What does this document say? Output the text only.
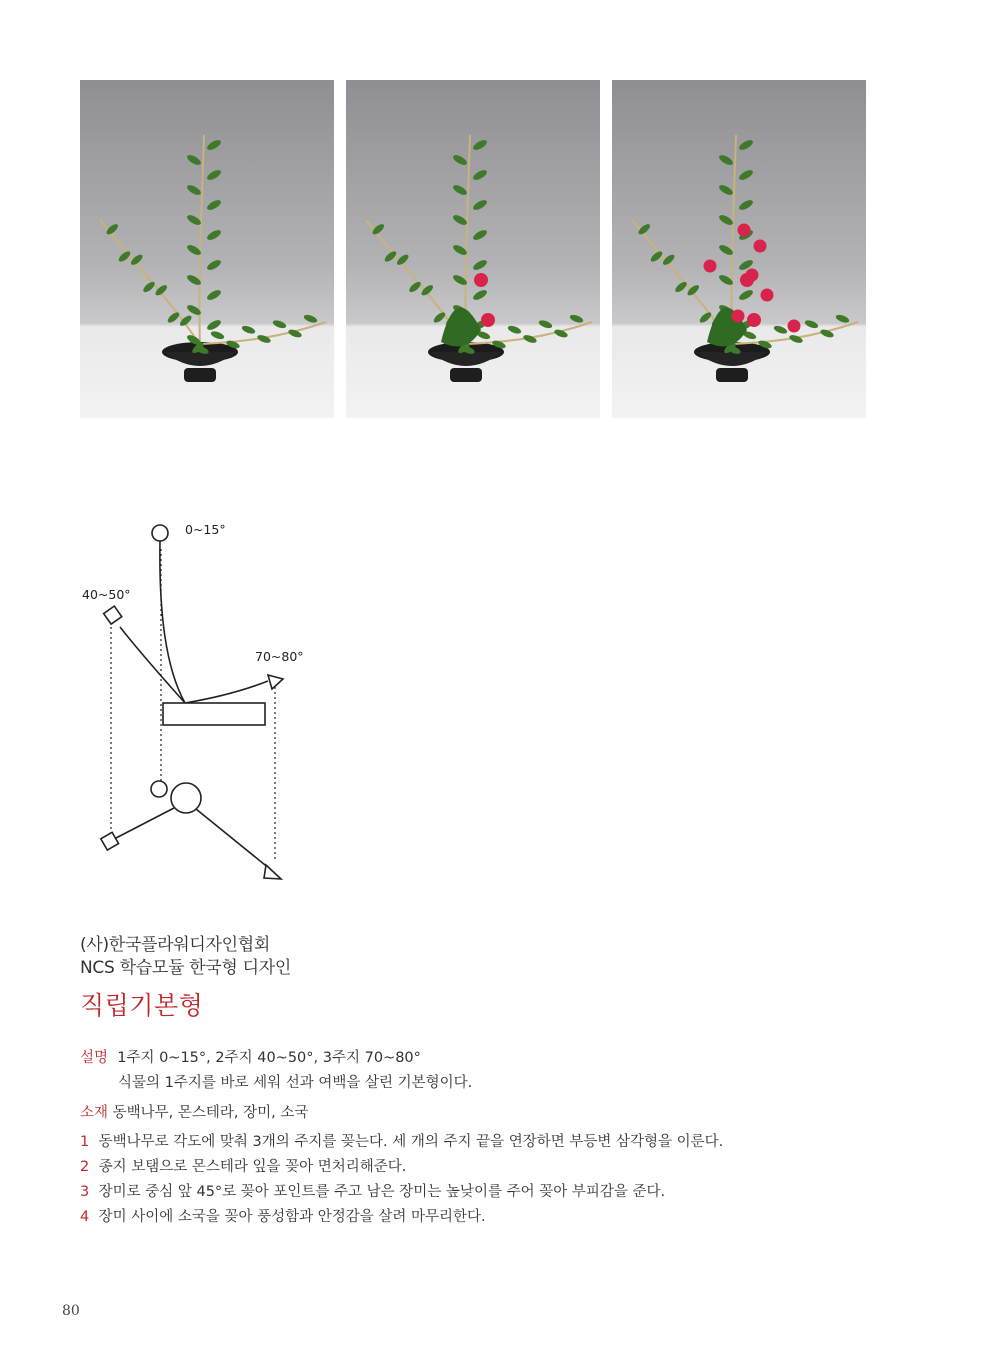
0~15°
40~50°
70~80°
(사)한국플라워디자인협회
NCS 학습모듈 한국형 디자인
직립기본형
설명 1주지 0~15°, 2주지 40~50°, 3주지 70~80°
식물의 1주지를 바로 세워 선과 여백을 살린 기본형이다.
소재 동백나무, 몬스테라, 장미, 소국
1 동백나무로 각도에 맞춰 3개의 주지를 꽂는다. 세 개의 주지 끝을 연장하면 부등변 삼각형을 이룬다.
2 종지 보탬으로 몬스테라 잎을 꽂아 면처리해준다.
3 장미로 중심 앞 45°로 꽂아 포인트를 주고 남은 장미는 높낮이를 주어 꽂아 부피감을 준다.
4 장미 사이에 소국을 꽂아 풍성함과 안정감을 살려 마무리한다.
80
